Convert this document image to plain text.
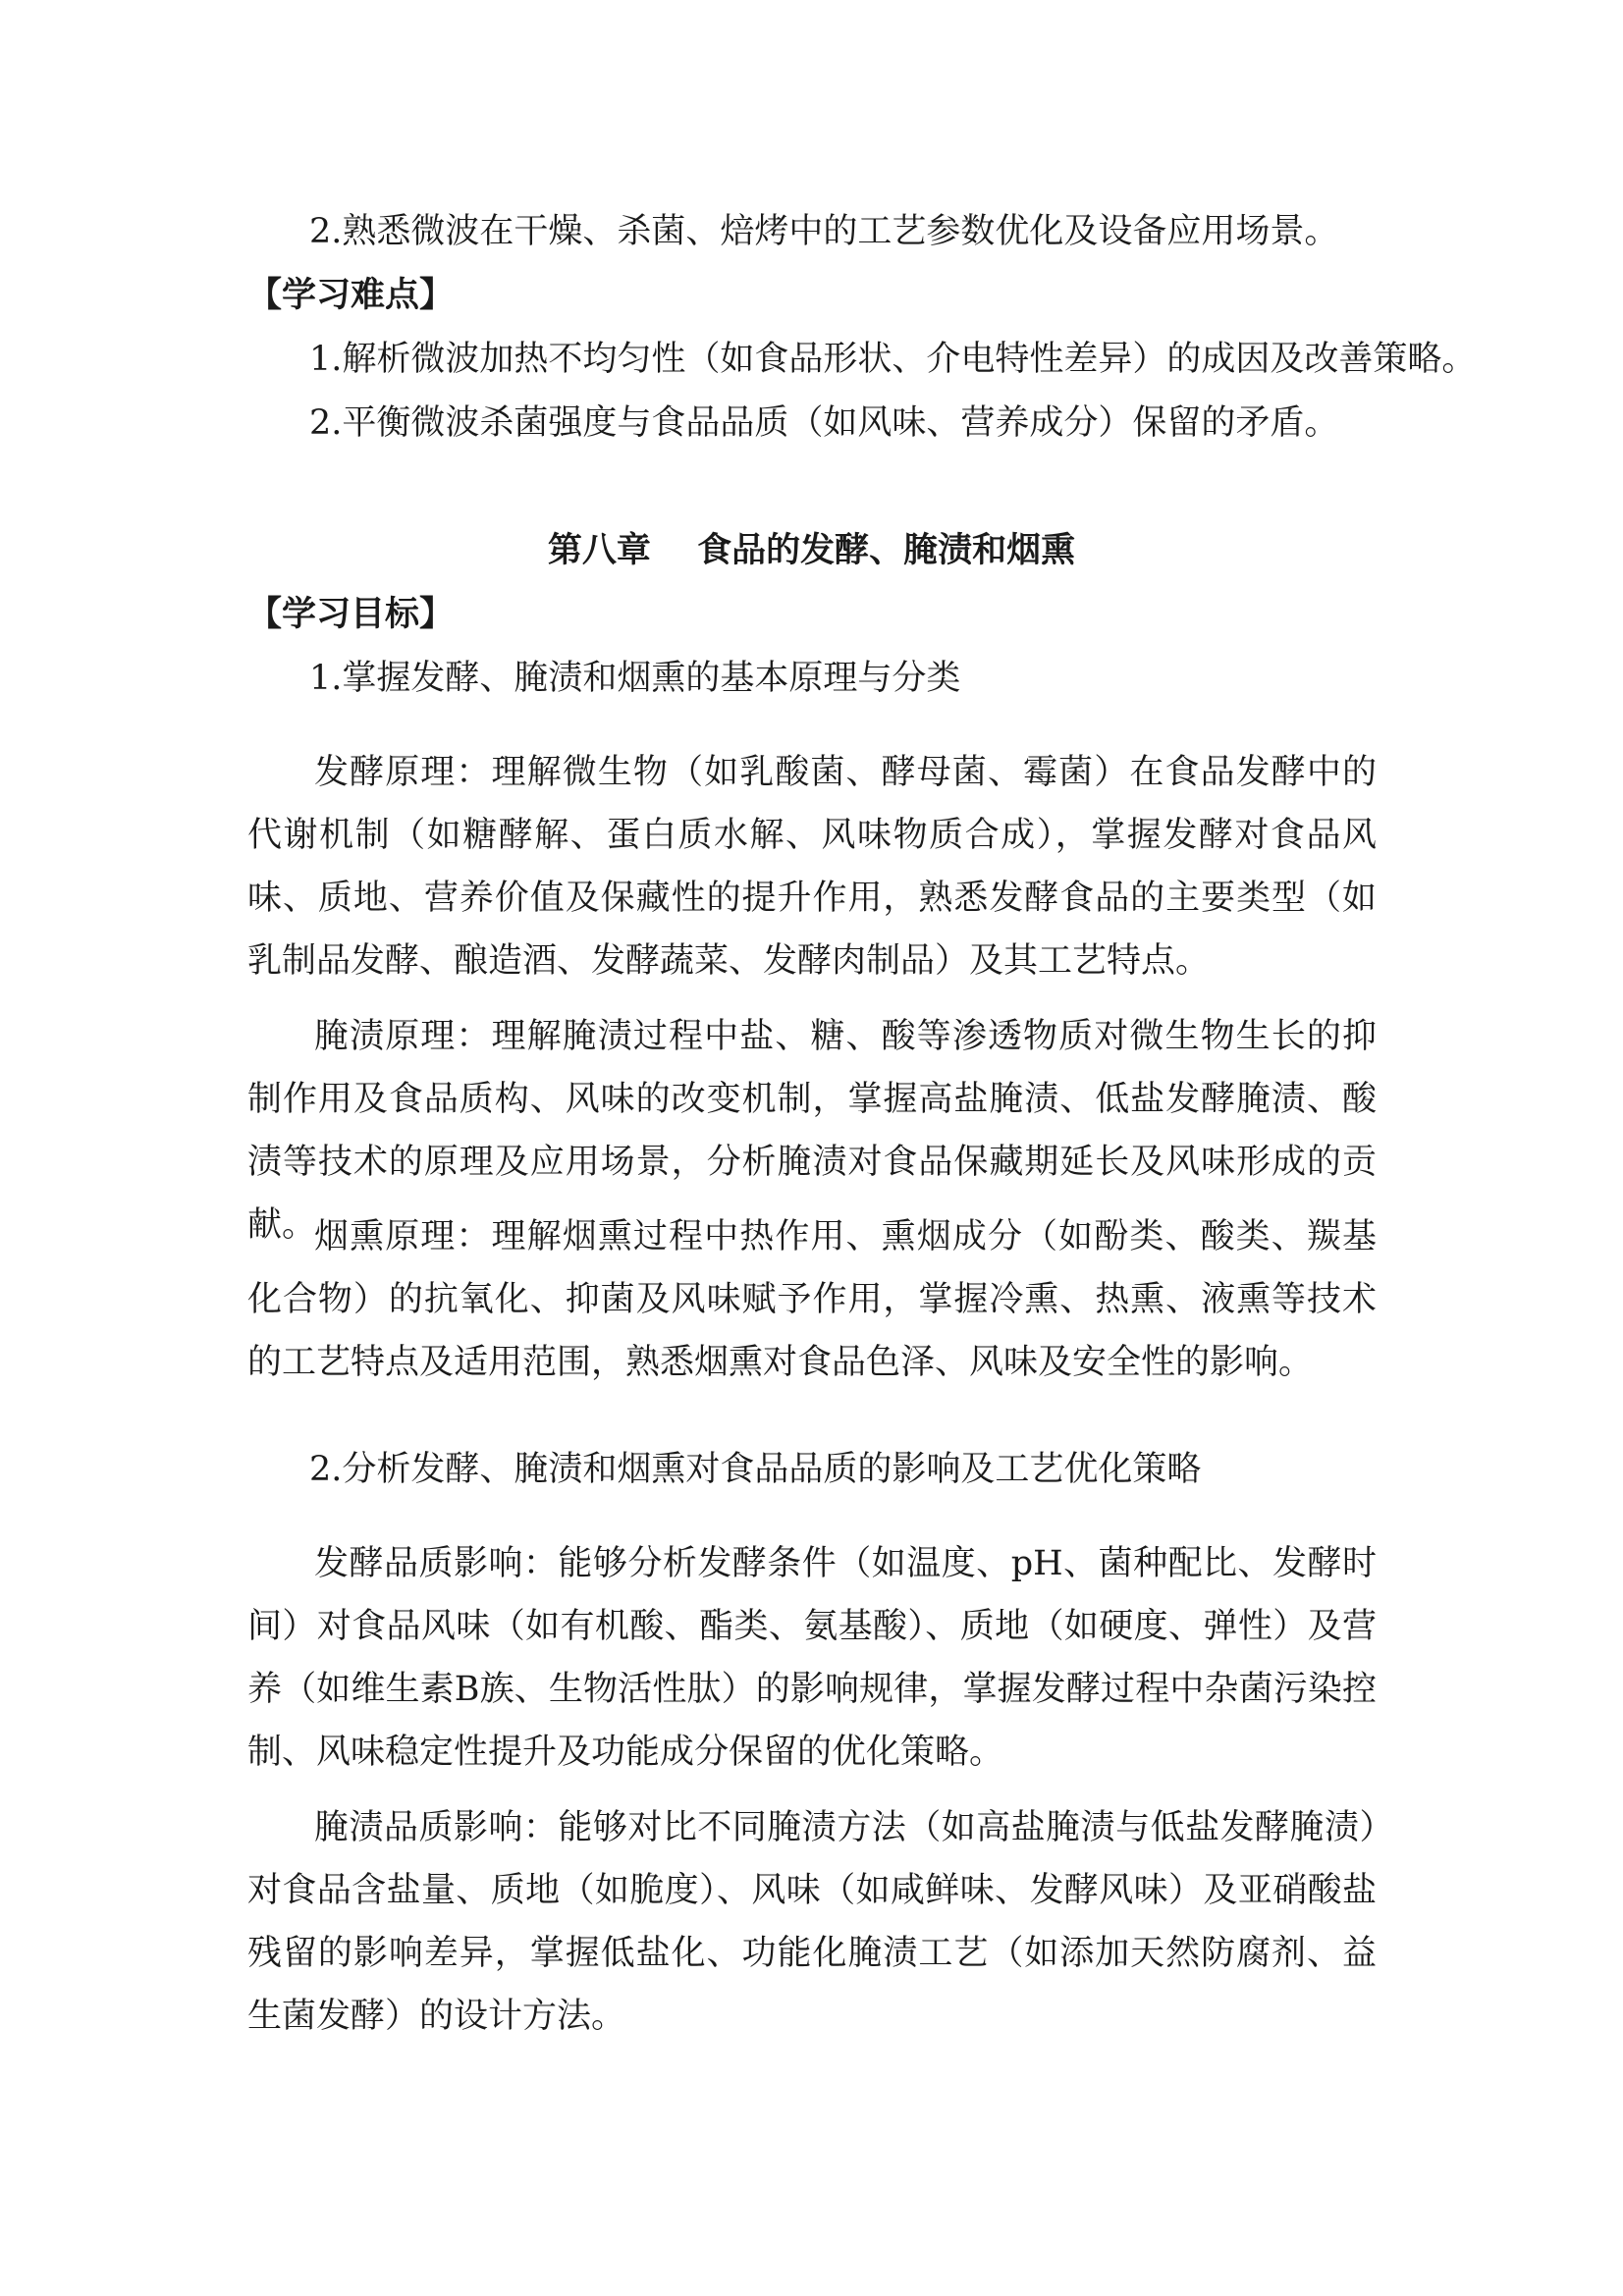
2.熟悉微波在干燥、杀菌、焙烤中的工艺参数优化及设备应用场景。
【学习难点】
1.解析微波加热不均匀性（如食品形状、介电特性差异）的成因及改善策略。
2.平衡微波杀菌强度与食品品质（如风味、营养成分）保留的矛盾。
第八章　 食品的发酵、腌渍和烟熏
【学习目标】
1.掌握发酵、腌渍和烟熏的基本原理与分类
发酵原理：理解微生物（如乳酸菌、酵母菌、霉菌）在食品发酵中的代谢机制（如糖酵解、蛋白质水解、风味物质合成），掌握发酵对食品风味、质地、营养价值及保藏性的提升作用，熟悉发酵食品的主要类型（如乳制品发酵、酿造酒、发酵蔬菜、发酵肉制品）及其工艺特点。
腌渍原理：理解腌渍过程中盐、糖、酸等渗透物质对微生物生长的抑制作用及食品质构、风味的改变机制，掌握高盐腌渍、低盐发酵腌渍、酸渍等技术的原理及应用场景，分析腌渍对食品保藏期延长及风味形成的贡献。
烟熏原理：理解烟熏过程中热作用、熏烟成分（如酚类、酸类、羰基化合物）的抗氧化、抑菌及风味赋予作用，掌握冷熏、热熏、液熏等技术的工艺特点及适用范围，熟悉烟熏对食品色泽、风味及安全性的影响。
2.分析发酵、腌渍和烟熏对食品品质的影响及工艺优化策略
发酵品质影响：能够分析发酵条件（如温度、pH、菌种配比、发酵时间）对食品风味（如有机酸、酯类、氨基酸）、质地（如硬度、弹性）及营养（如维生素B族、生物活性肽）的影响规律，掌握发酵过程中杂菌污染控制、风味稳定性提升及功能成分保留的优化策略。
腌渍品质影响：能够对比不同腌渍方法（如高盐腌渍与低盐发酵腌渍）对食品含盐量、质地（如脆度）、风味（如咸鲜味、发酵风味）及亚硝酸盐残留的影响差异，掌握低盐化、功能化腌渍工艺（如添加天然防腐剂、益生菌发酵）的设计方法。
